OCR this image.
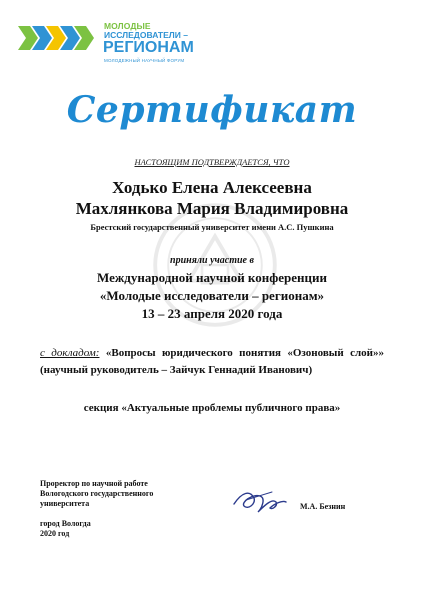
МОЛОДЫЕ
ИССЛЕДОВАТЕЛИ –
РЕГИОНАМ
МОЛОДЕЖНЫЙ НАУЧНЫЙ ФОРУМ
Сертификат
НАСТОЯЩИМ ПОДТВЕРЖДАЕТСЯ, ЧТО
Ходько Елена Алексеевна
Махлянкова Мария Владимировна
Брестский государственный университет имени А.С. Пушкина
приняли участие в
Международной научной конференции
«Молодые исследователи – регионам»
13 – 23 апреля 2020 года
с докладом: «Вопросы юридического понятия «Озоновый слой»» (научный руководитель – Зайчук Геннадий Иванович)
секция «Актуальные проблемы публичного права»
Проректор по научной работе
Вологодского государственного
университета
город Вологда
2020 год
М.А. Безнин
